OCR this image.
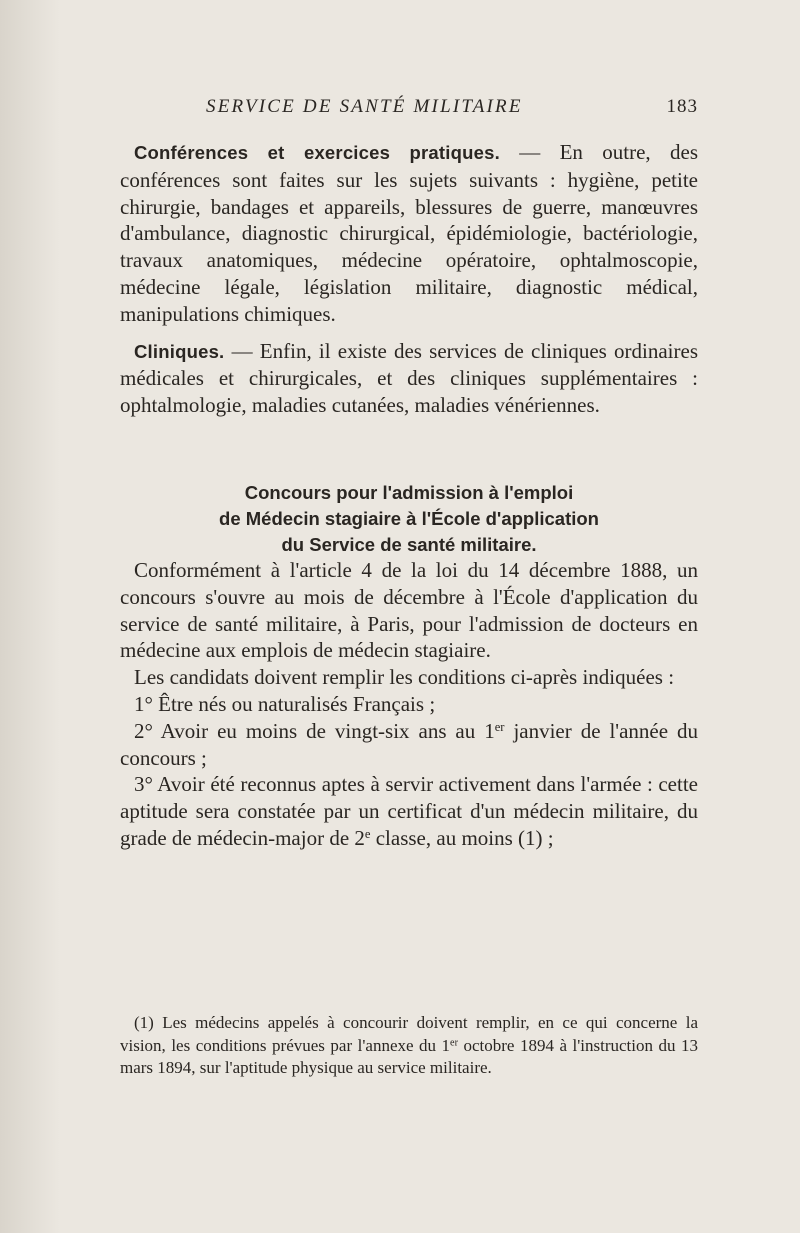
SERVICE DE SANTÉ MILITAIRE	183

Conférences et exercices pratiques. — En outre, des conférences sont faites sur les sujets suivants : hygiène, petite chirurgie, bandages et appareils, blessures de guerre, manœuvres d'ambulance, diagnostic chirurgical, épidémiologie, bactériologie, travaux anatomiques, médecine opératoire, ophtalmoscopie, médecine légale, législation militaire, diagnostic médical, manipulations chimiques.

Cliniques. — Enfin, il existe des services de cliniques ordinaires médicales et chirurgicales, et des cliniques supplémentaires : ophtalmologie, maladies cutanées, maladies vénériennes.

Concours pour l'admission à l'emploi
de Médecin stagiaire à l'École d'application
du Service de santé militaire.

Conformément à l'article 4 de la loi du 14 décembre 1888, un concours s'ouvre au mois de décembre à l'École d'application du service de santé militaire, à Paris, pour l'admission de docteurs en médecine aux emplois de médecin stagiaire.

Les candidats doivent remplir les conditions ci-après indiquées :

1° Être nés ou naturalisés Français ;

2° Avoir eu moins de vingt-six ans au 1er janvier de l'année du concours ;

3° Avoir été reconnus aptes à servir activement dans l'armée : cette aptitude sera constatée par un certificat d'un médecin militaire, du grade de médecin-major de 2e classe, au moins (1) ;

(1) Les médecins appelés à concourir doivent remplir, en ce qui concerne la vision, les conditions prévues par l'annexe du 1er octobre 1894 à l'instruction du 13 mars 1894, sur l'aptitude physique au service militaire.
